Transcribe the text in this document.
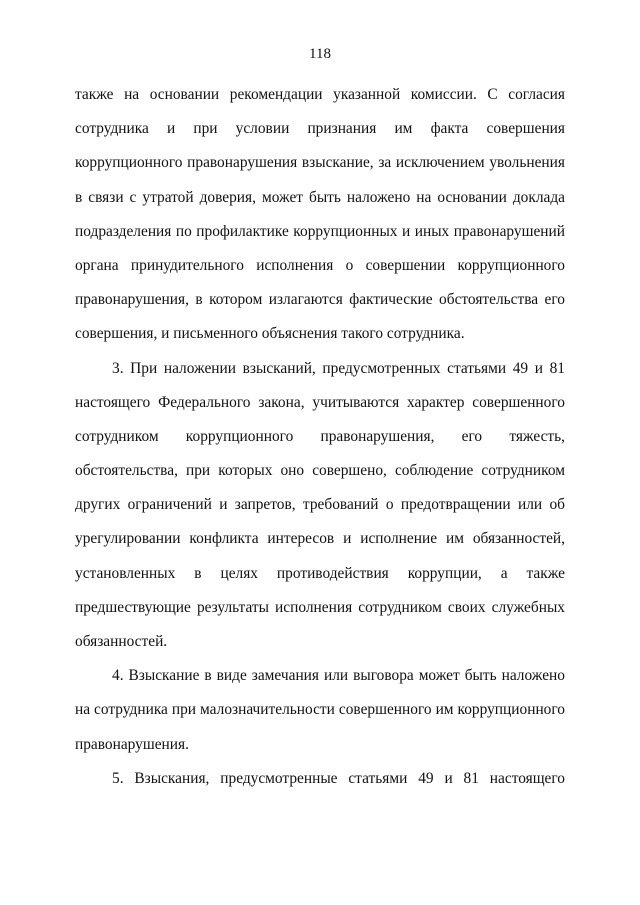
118
также на основании рекомендации указанной комиссии. С согласия
сотрудника и при условии признания им факта совершения
коррупционного правонарушения взыскание, за исключением увольнения
в связи с утратой доверия, может быть наложено на основании доклада
подразделения по профилактике коррупционных и иных правонарушений
органа принудительного исполнения о совершении коррупционного
правонарушения, в котором излагаются фактические обстоятельства его
совершения, и письменного объяснения такого сотрудника.
3. При наложении взысканий, предусмотренных статьями 49 и 81
настоящего Федерального закона, учитываются характер совершенного
сотрудником коррупционного правонарушения, его тяжесть,
обстоятельства, при которых оно совершено, соблюдение сотрудником
других ограничений и запретов, требований о предотвращении или об
урегулировании конфликта интересов и исполнение им обязанностей,
установленных в целях противодействия коррупции, а также
предшествующие результаты исполнения сотрудником своих служебных
обязанностей.
4. Взыскание в виде замечания или выговора может быть наложено
на сотрудника при малозначительности совершенного им коррупционного
правонарушения.
5. Взыскания, предусмотренные статьями 49 и 81 настоящего
